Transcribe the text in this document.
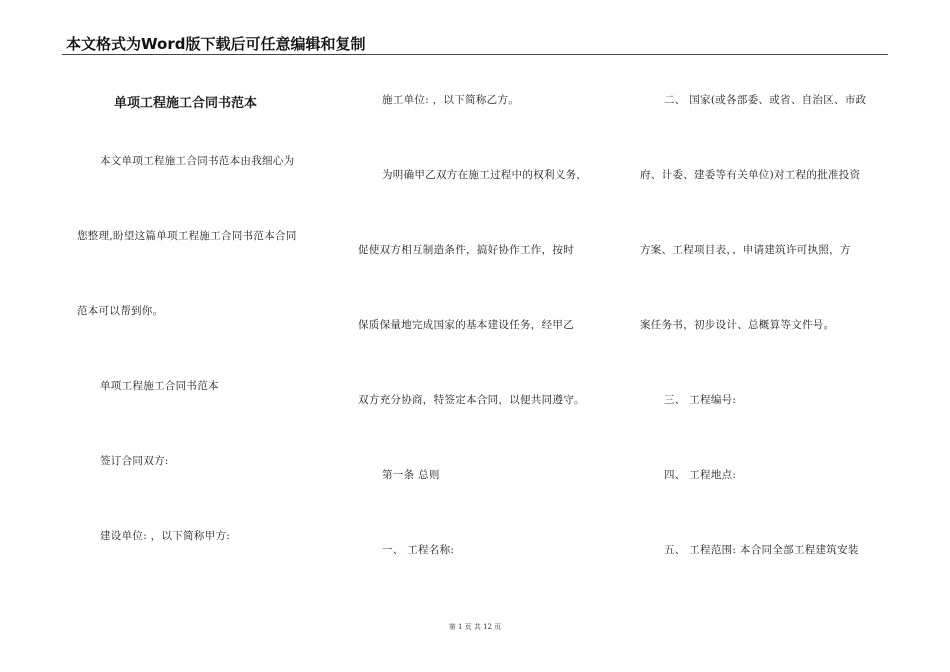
本文格式为Word版下载后可任意编辑和复制
单项工程施工合同书范本
本文单项工程施工合同书范本由我细心为
您整理,盼望这篇单项工程施工合同书范本合同
范本可以帮到你。
单项工程施工合同书范本
签订合同双方:
建设单位: ，以下简称甲方:
施工单位: ，以下简称乙方。
为明确甲乙双方在施工过程中的权利义务，
促使双方相互制造条件，搞好协作工作，按时
保质保量地完成国家的基本建设任务，经甲乙
双方充分协商，特签定本合同，以便共同遵守。
第一条 总则
一、 工程名称:
二、 国家(或各部委、或省、自治区、市政
府、计委、建委等有关单位)对工程的批准投资
方案、工程项目表，、申请建筑许可执照，方
案任务书，初步设计、总概算等文件号。
三、 工程编号:
四、 工程地点:
五、 工程范围: 本合同全部工程建筑安装
第 1 页 共 12 页
